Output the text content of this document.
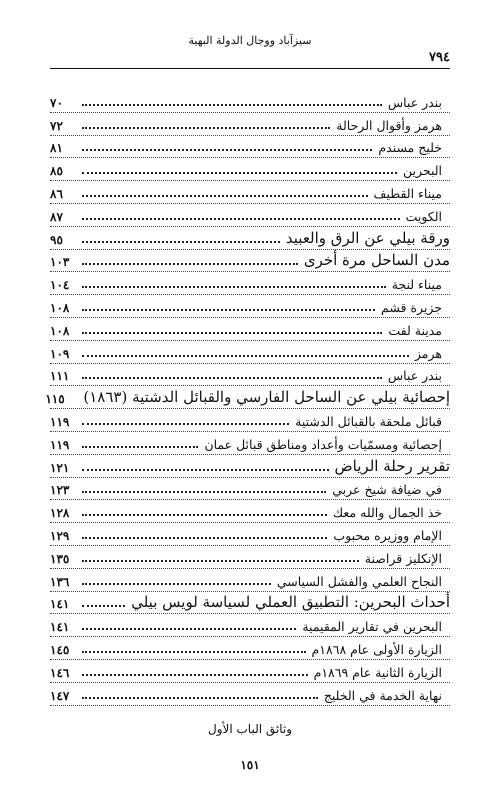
سيزآباد ووجال الدولة البهية
٧٩٤
بندر عباس
٧٠
هرمز وأقوال الرحالة
٧٢
خليج مسندم
٨١
البحرين
٨٥
ميناء القطيف
٨٦
الكويت
٨٧
ورقة بيلي عن الرق والعبيد
٩٥
مدن الساحل مرة أخرى
١٠٣
ميناء لنجة
١٠٤
جزيرة قشم
١٠٨
مدينة لفت
١٠٨
هرمز
١٠٩
بندر عباس
١١١
إحصائية بيلي عن الساحل الفارسي والقبائل الدشتية (١٨٦٣)
١١٥
قبائل ملحقة بالقبائل الدشتية
١١٩
إحصائية ومسمّيات وأعداد ومناطق قبائل عمان
١١٩
تقرير رحلة الرياض
١٢١
في ضيافة شيخ عربي
١٢٣
خذ الجمال والله معك
١٢٨
الإمام ووزيره محبوب
١٢٩
الإنكليز قراصنة
١٣٥
النجاح العلمي والفشل السياسي
١٣٦
أحداث البحرين: التطبيق العملي لسياسة لويس بيلي
١٤١
البحرين في تقارير المقيمية
١٤١
الزيارة الأولى عام ١٨٦٨م
١٤٥
الزيارة الثانية عام ١٨٦٩م
١٤٦
نهاية الخدمة في الخليج
١٤٧
وثائق الباب الأول
١٥١
